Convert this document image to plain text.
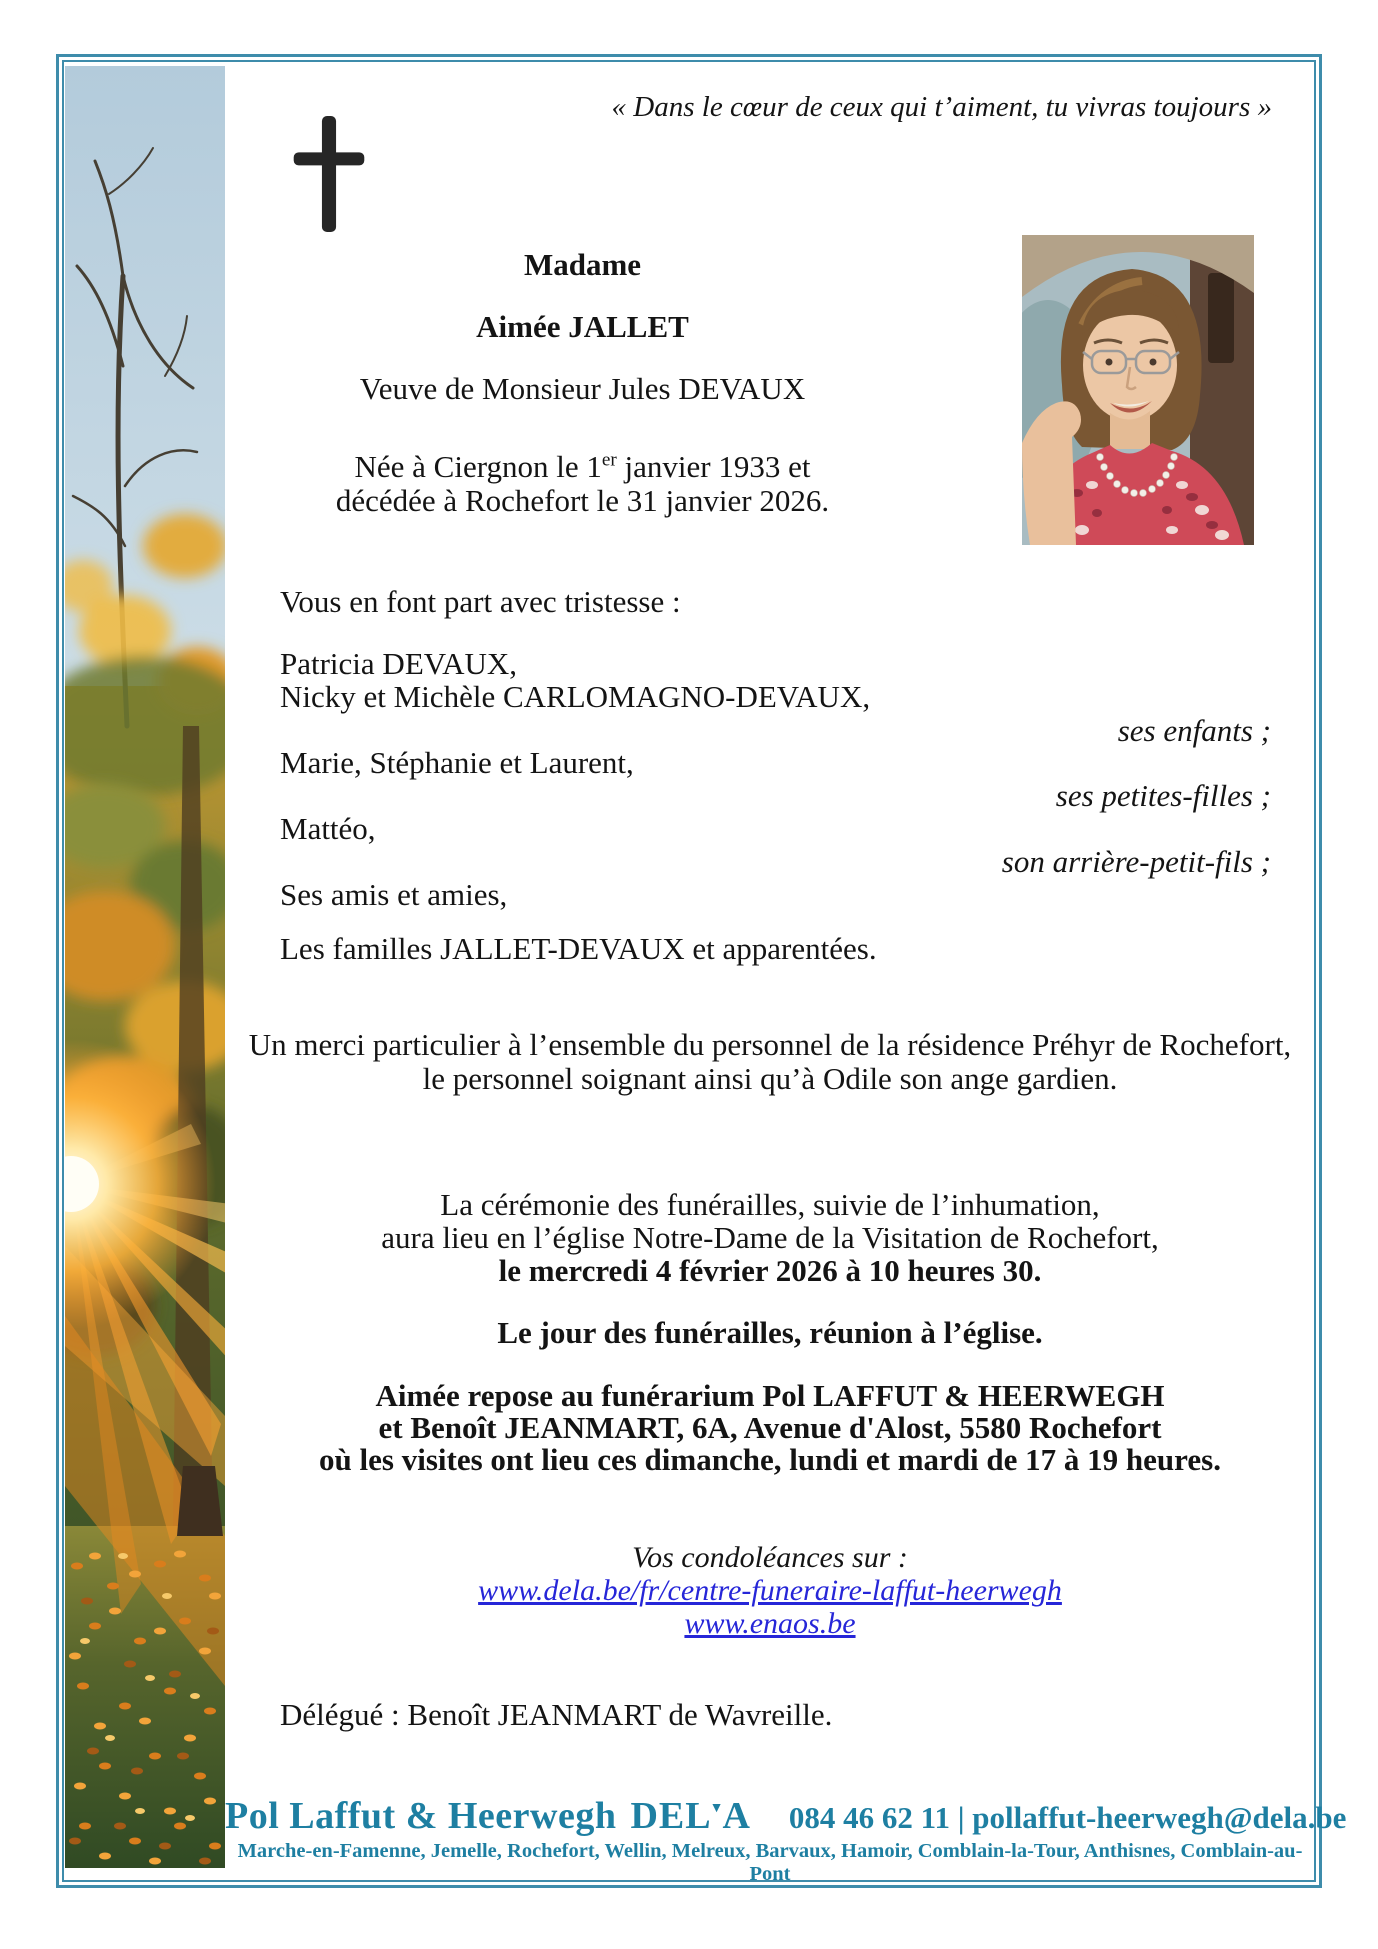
« Dans le cœur de ceux qui t’aiment, tu vivras toujours »
Madame
Aimée JALLET
Veuve de Monsieur Jules DEVAUX
Née à Ciergnon le 1er janvier 1933 et
décédée à Rochefort le 31 janvier 2026.
Vous en font part avec tristesse :
Patricia DEVAUX,
Nicky et Michèle CARLOMAGNO-DEVAUX,
ses enfants ;
Marie, Stéphanie et Laurent,
ses petites-filles ;
Mattéo,
son arrière-petit-fils ;
Ses amis et amies,
Les familles JALLET-DEVAUX et apparentées.
Un merci particulier à l’ensemble du personnel de la résidence Préhyr de Rochefort,
le personnel soignant ainsi qu’à Odile son ange gardien.
La cérémonie des funérailles, suivie de l’inhumation,
aura lieu en l’église Notre-Dame de la Visitation de Rochefort,
le mercredi 4 février 2026 à 10 heures 30.
Le jour des funérailles, réunion à l’église.
Aimée repose au funérarium Pol LAFFUT & HEERWEGH
et Benoît JEANMART, 6A, Avenue d'Alost, 5580 Rochefort
où les visites ont lieu ces dimanche, lundi et mardi de 17 à 19 heures.
Vos condoléances sur :
www.dela.be/fr/centre-funeraire-laffut-heerwegh
www.enaos.be
Délégué : Benoît JEANMART de Wavreille.
Pol Laffut & Heerwegh DEL▼A 084 46 62 11 | pollaffut-heerwegh@dela.be
Marche-en-Famenne, Jemelle, Rochefort, Wellin, Melreux, Barvaux, Hamoir, Comblain-la-Tour, Anthisnes, Comblain-au-Pont
